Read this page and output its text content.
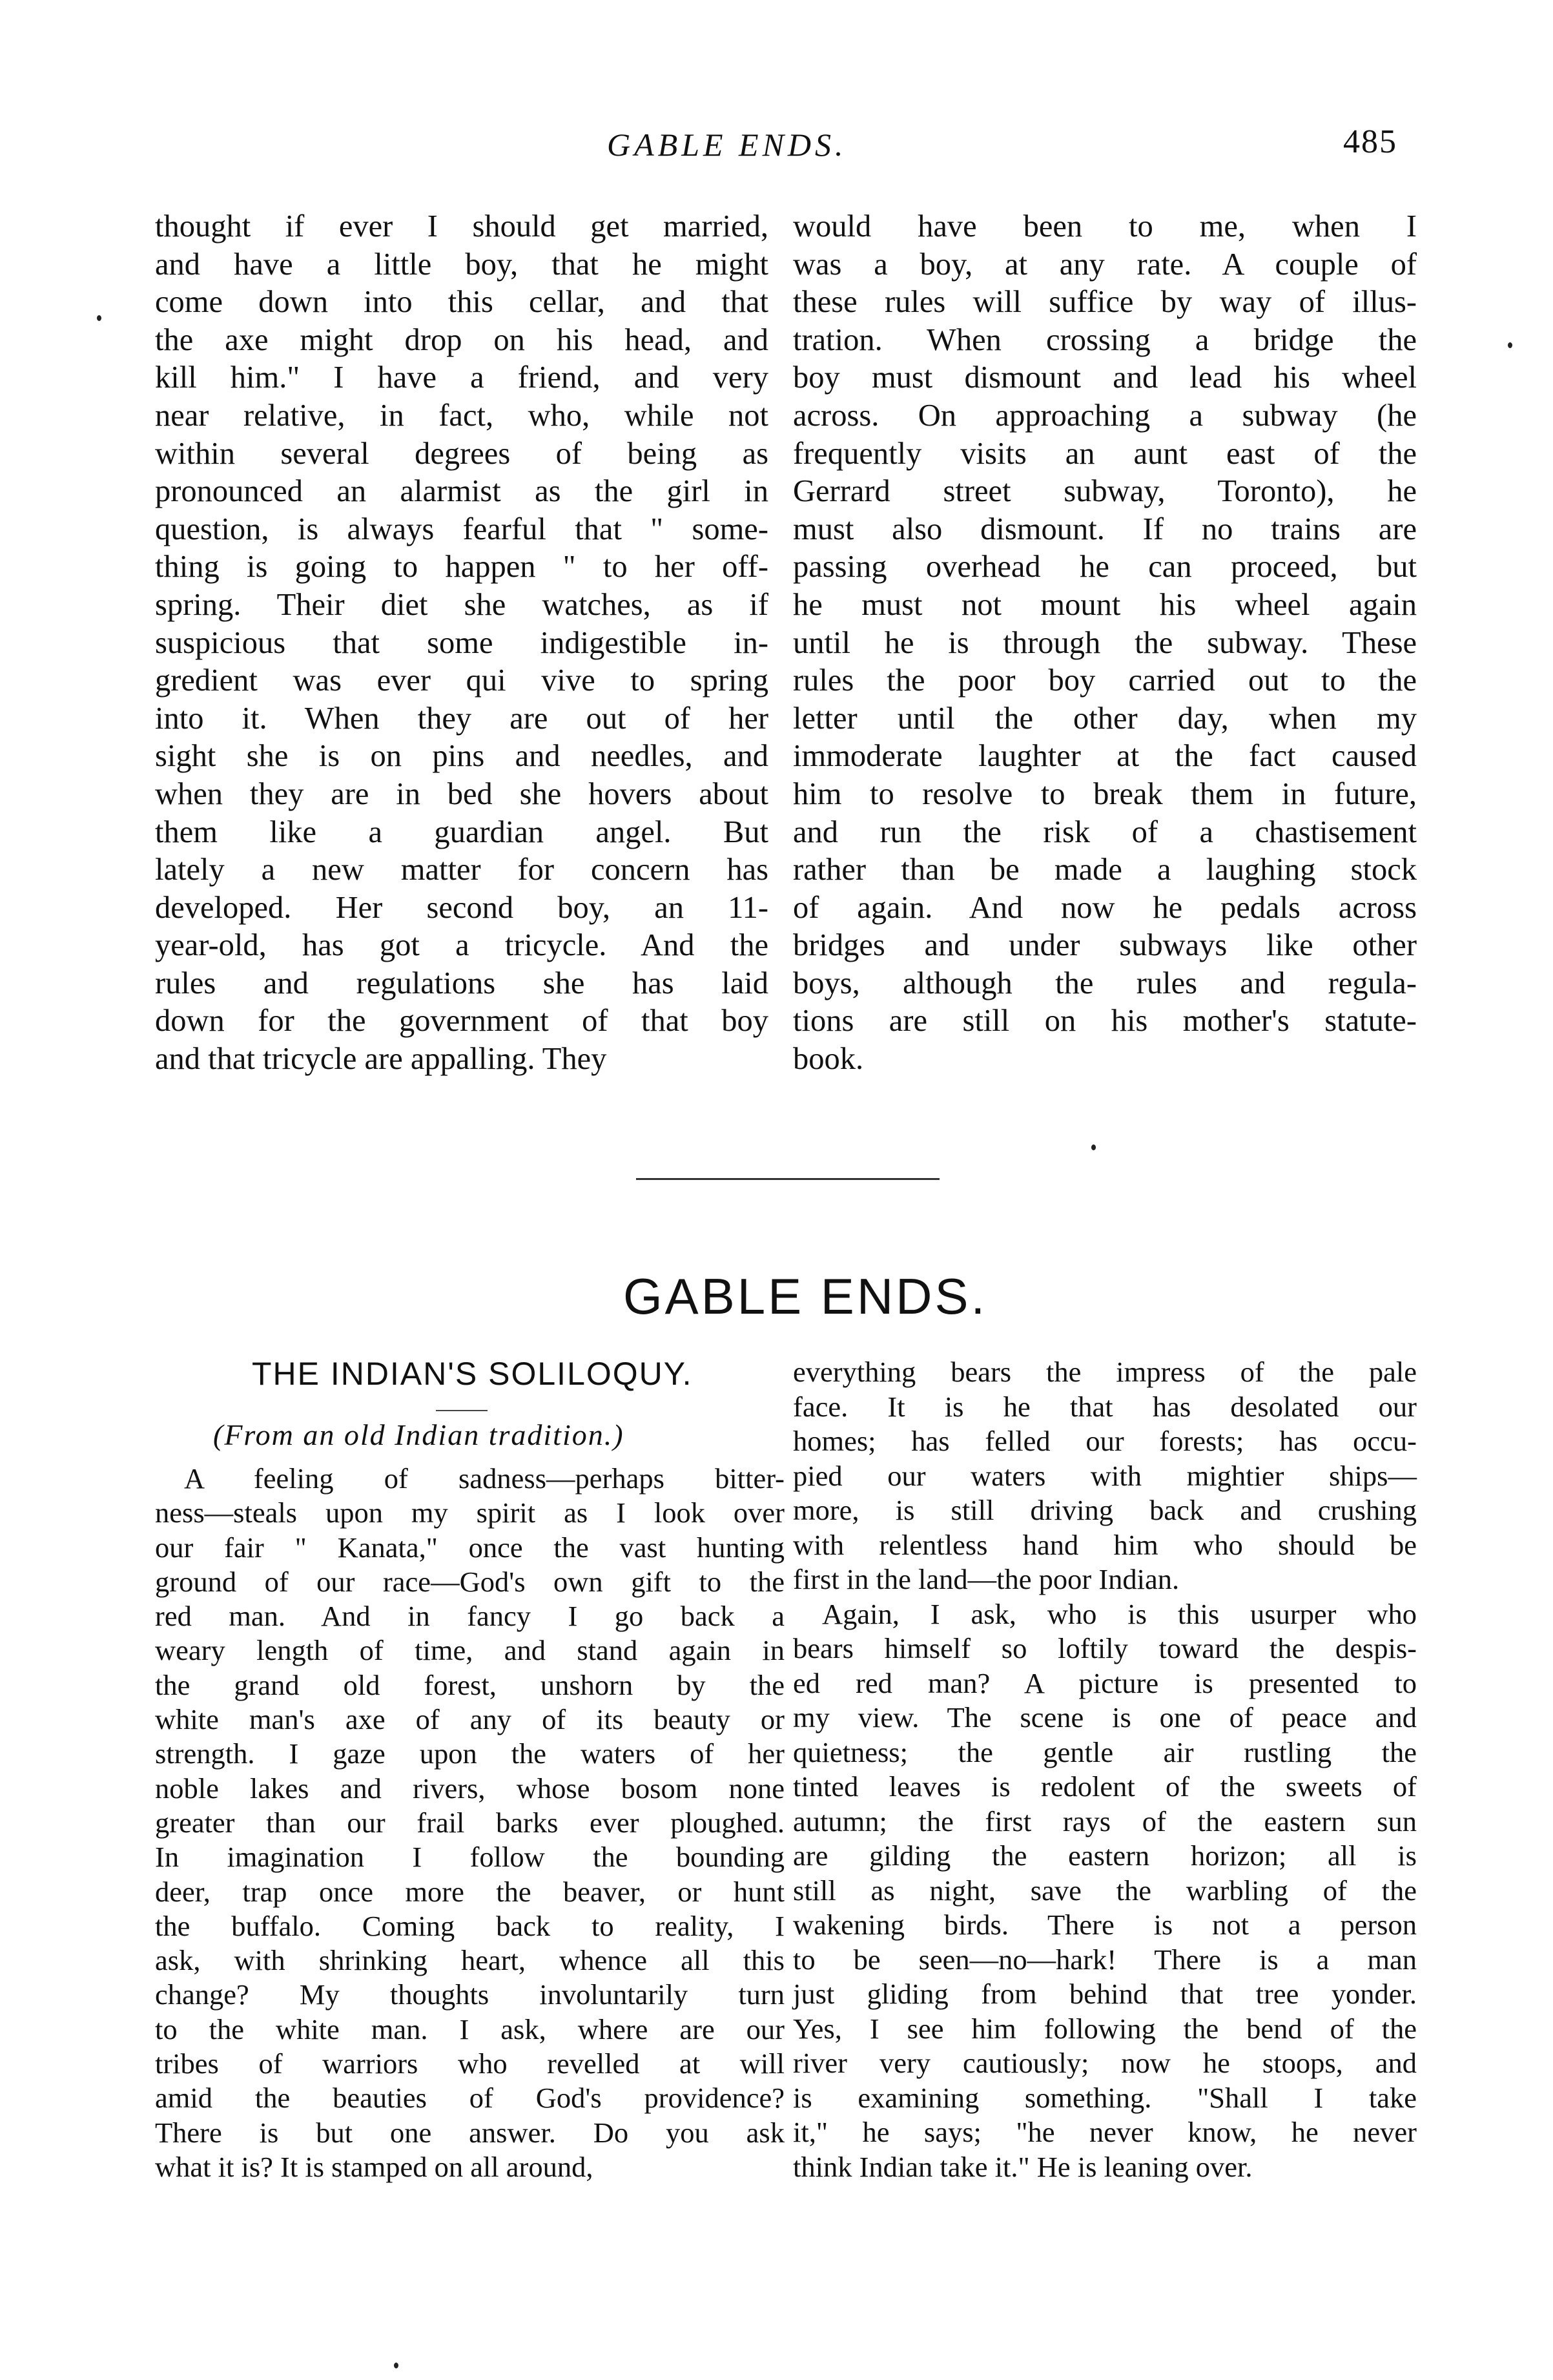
GABLE ENDS.	485
thought if ever I should get married,
and have a little boy, that he might
come down into this cellar, and that
the axe might drop on his head, and
kill him." I have a friend, and very
near relative, in fact, who, while not
within several degrees of being as
pronounced an alarmist as the girl in
question, is always fearful that " some-
thing is going to happen " to her off-
spring. Their diet she watches, as if
suspicious that some indigestible in-
gredient was ever qui vive to spring
into it. When they are out of her
sight she is on pins and needles, and
when they are in bed she hovers about
them like a guardian angel. But
lately a new matter for concern has
developed. Her second boy, an 11-
year-old, has got a tricycle. And the
rules and regulations she has laid
down for the government of that boy
and that tricycle are appalling. They
would have been to me, when I
was a boy, at any rate. A couple of
these rules will suffice by way of illus-
tration. When crossing a bridge the
boy must dismount and lead his wheel
across. On approaching a subway (he
frequently visits an aunt east of the
Gerrard street subway, Toronto), he
must also dismount. If no trains are
passing overhead he can proceed, but
he must not mount his wheel again
until he is through the subway. These
rules the poor boy carried out to the
letter until the other day, when my
immoderate laughter at the fact caused
him to resolve to break them in future,
and run the risk of a chastisement
rather than be made a laughing stock
of again. And now he pedals across
bridges and under subways like other
boys, although the rules and regula-
tions are still on his mother's statute-
book.
GABLE ENDS.
THE INDIAN'S SOLILOQUY.
(From an old Indian tradition.)
A feeling of sadness—perhaps bitter-
ness—steals upon my spirit as I look over
our fair " Kanata," once the vast hunting
ground of our race—God's own gift to the
red man. And in fancy I go back a
weary length of time, and stand again in
the grand old forest, unshorn by the
white man's axe of any of its beauty or
strength. I gaze upon the waters of her
noble lakes and rivers, whose bosom none
greater than our frail barks ever ploughed.
In imagination I follow the bounding
deer, trap once more the beaver, or hunt
the buffalo. Coming back to reality, I
ask, with shrinking heart, whence all this
change? My thoughts involuntarily turn
to the white man. I ask, where are our
tribes of warriors who revelled at will
amid the beauties of God's providence?
There is but one answer. Do you ask
what it is? It is stamped on all around,
everything bears the impress of the pale
face. It is he that has desolated our
homes; has felled our forests; has occu-
pied our waters with mightier ships—
more, is still driving back and crushing
with relentless hand him who should be
first in the land—the poor Indian.
Again, I ask, who is this usurper who
bears himself so loftily toward the despis-
ed red man? A picture is presented to
my view. The scene is one of peace and
quietness; the gentle air rustling the
tinted leaves is redolent of the sweets of
autumn; the first rays of the eastern sun
are gilding the eastern horizon; all is
still as night, save the warbling of the
wakening birds. There is not a person
to be seen—no—hark! There is a man
just gliding from behind that tree yonder.
Yes, I see him following the bend of the
river very cautiously; now he stoops, and
is examining something. "Shall I take
it," he says; "he never know, he never
think Indian take it." He is leaning over.
